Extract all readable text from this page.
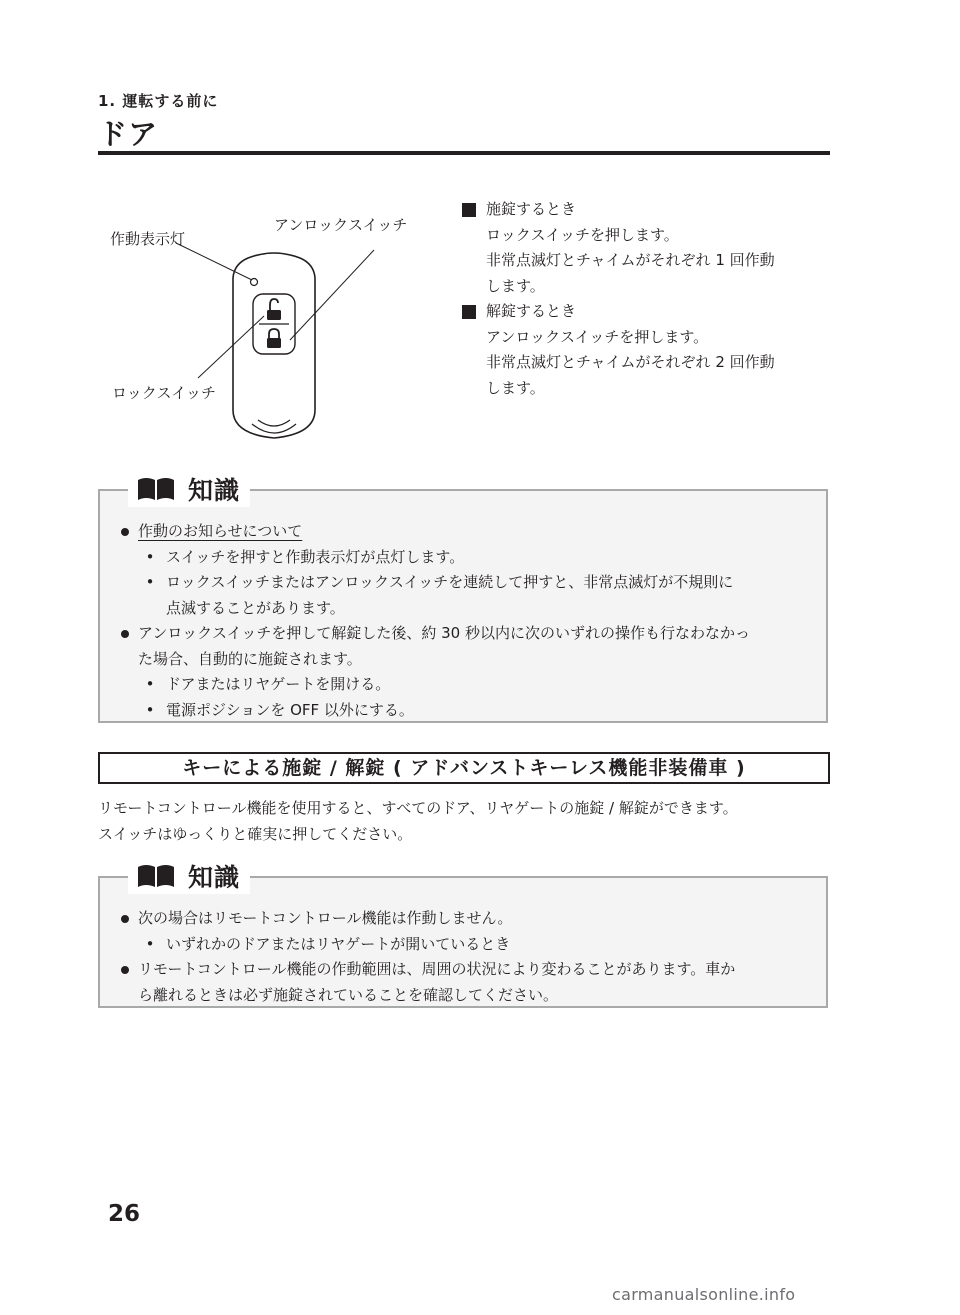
1. 運転する前に
ドア
作動表示灯
アンロックスイッチ
ロックスイッチ
施錠するとき
ロックスイッチを押します。
非常点滅灯とチャイムがそれぞれ 1 回作動
します。
解錠するとき
アンロックスイッチを押します。
非常点滅灯とチャイムがそれぞれ 2 回作動
します。
知識
作動のお知らせについて
• スイッチを押すと作動表示灯が点灯します。
• ロックスイッチまたはアンロックスイッチを連続して押すと、非常点滅灯が不規則に
点滅することがあります。
アンロックスイッチを押して解錠した後、約 30 秒以内に次のいずれの操作も行なわなかっ
た場合、自動的に施錠されます。
• ドアまたはリヤゲートを開ける。
• 電源ポジションを OFF 以外にする。
キーによる施錠 / 解錠 ( アドバンストキーレス機能非装備車 )
リモートコントロール機能を使用すると、すべてのドア、リヤゲートの施錠 / 解錠ができます。
スイッチはゆっくりと確実に押してください。
知識
次の場合はリモートコントロール機能は作動しません。
• いずれかのドアまたはリヤゲートが開いているとき
リモートコントロール機能の作動範囲は、周囲の状況により変わることがあります。車か
ら離れるときは必ず施錠されていることを確認してください。
26
carmanualsonline.info
